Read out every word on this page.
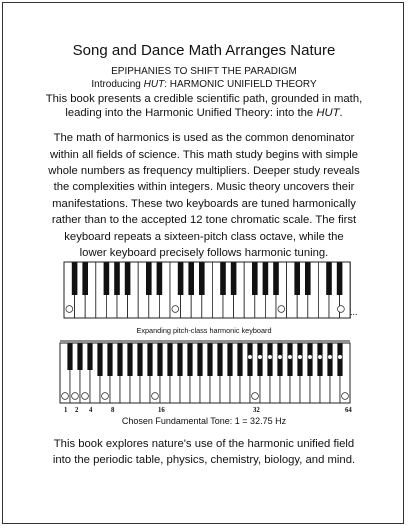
Song and Dance Math Arranges Nature
EPIPHANIES TO SHIFT THE PARADIGM
Introducing HUT: HARMONIC UNIFIELD THEORY
This book presents a credible scientific path, grounded in math,
leading into the Harmonic Unified Theory: into the HUT.
The math of harmonics is used as the common denominator
within all fields of science. This math study begins with simple
whole numbers as frequency multipliers. Deeper study reveals
the complexities within integers. Music theory uncovers their
manifestations. These two keyboards are tuned harmonically
rather than to the accepted 12 tone chromatic scale. The first
keyboard repeats a sixteen-pitch class octave, while the
lower keyboard precisely follows harmonic tuning.
Expanding pitch-class harmonic keyboard
...
1 2 4	8	16	32	64
Chosen Fundamental Tone: 1 = 32.75 Hz
This book explores nature's use of the harmonic unified field
into the periodic table, physics, chemistry, biology, and mind.
